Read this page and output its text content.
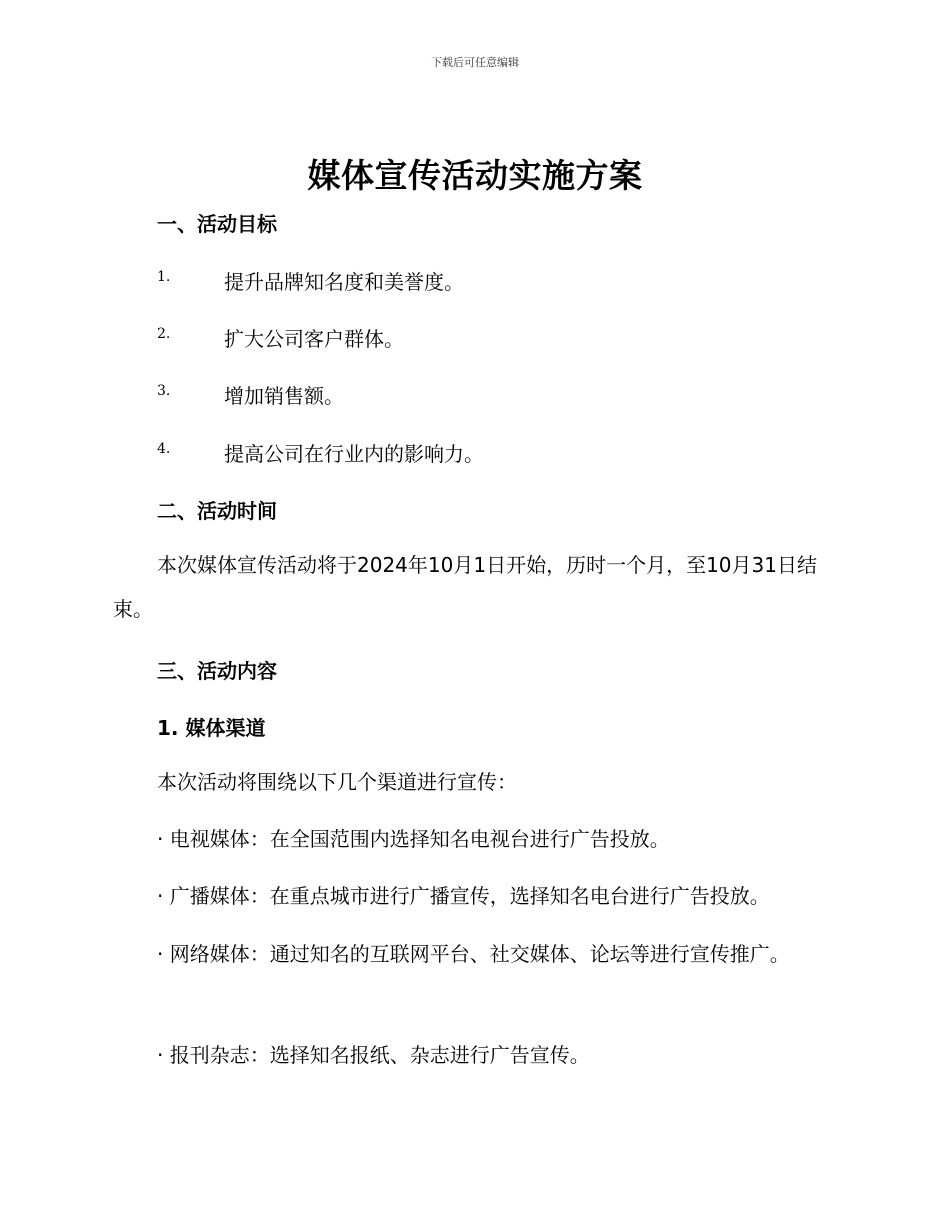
下载后可任意编辑
媒体宣传活动实施方案
一、活动目标
1.	提升品牌知名度和美誉度。
2.	扩大公司客户群体。
3.	增加销售额。
4.	提高公司在行业内的影响力。
二、活动时间
本次媒体宣传活动将于2024年10月1日开始，历时一个月，至10月31日结束。
三、活动内容
1. 媒体渠道
本次活动将围绕以下几个渠道进行宣传：
· 电视媒体：在全国范围内选择知名电视台进行广告投放。
· 广播媒体：在重点城市进行广播宣传，选择知名电台进行广告投放。
· 网络媒体：通过知名的互联网平台、社交媒体、论坛等进行宣传推广。
· 报刊杂志：选择知名报纸、杂志进行广告宣传。
